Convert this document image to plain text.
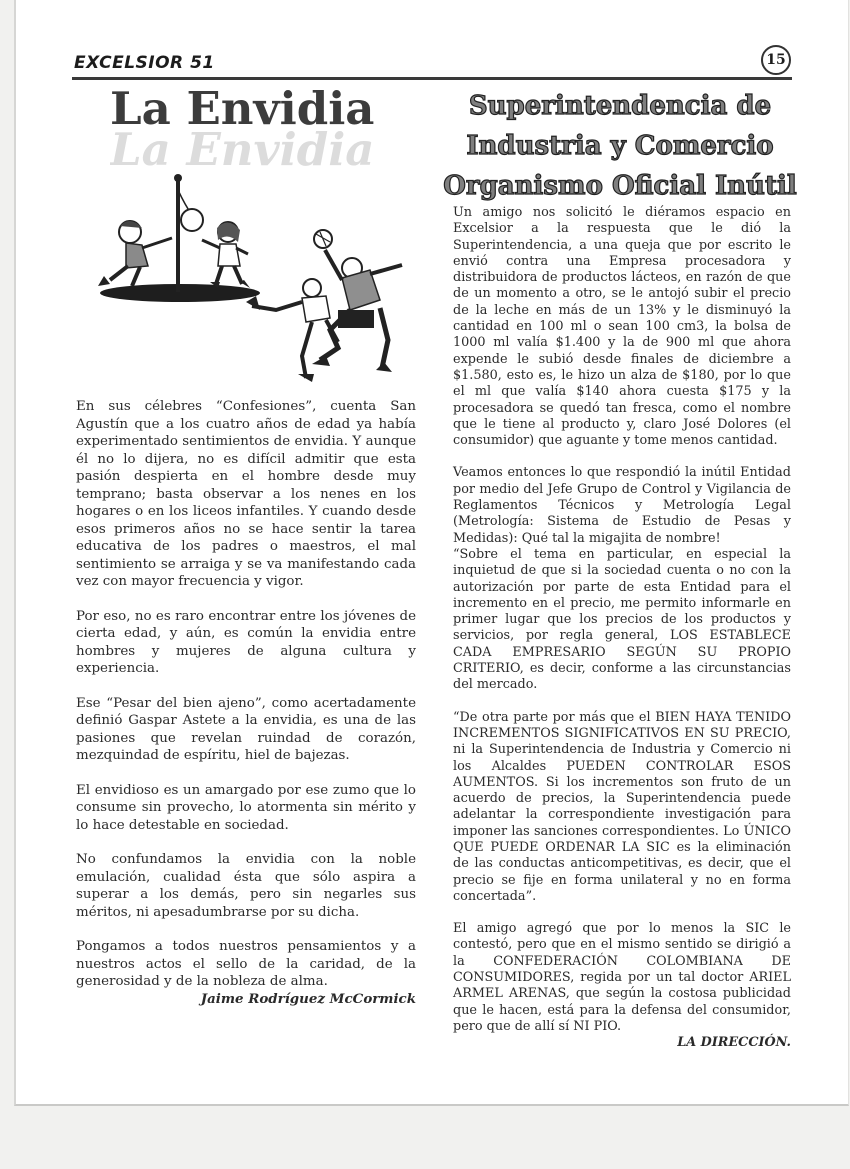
EXCELSIOR 51	15
La Envidia
La Envidia

En sus célebres “Confesiones”, cuenta San Agustín que a los cuatro años de edad ya había experimentado sentimientos de envidia. Y aunque él no lo dijera, no es difícil admitir que esta pasión despierta en el hombre desde muy temprano; basta observar a los nenes en los hogares o en los liceos infantiles. Y cuando desde esos primeros años no se hace sentir la tarea educativa de los padres o maestros, el mal sentimiento se arraiga y se va manifestando cada vez con mayor frecuencia y vigor.

Por eso, no es raro encontrar entre los jóvenes de cierta edad, y aún, es común la envidia entre hombres y mujeres de alguna cultura y experiencia.

Ese “Pesar del bien ajeno”, como acertadamente definió Gaspar Astete a la envidia, es una de las pasiones que revelan ruindad de corazón, mezquindad de espíritu, hiel de bajezas.

El envidioso es un amargado por ese zumo que lo consume sin provecho, lo atormenta sin mérito y lo hace detestable en sociedad.

No confundamos la envidia con la noble emulación, cualidad ésta que sólo aspira a superar a los demás, pero sin negarles sus méritos, ni apesadumbrarse por su dicha.

Pongamos a todos nuestros pensamientos y a nuestros actos el sello de la caridad, de la generosidad y de la nobleza de alma.

Jaime Rodríguez McCormick
Superintendencia de
Industria y Comercio
Organismo Oficial Inútil

Un amigo nos solicitó le diéramos espacio en Excelsior a la respuesta que le dió la Superintendencia, a una queja que por escrito le envió contra una Empresa procesadora y distribuidora de productos lácteos, en razón de que de un momento a otro, se le antojó subir el precio de la leche en más de un 13% y le disminuyó la cantidad en 100 ml o sean 100 cm3, la bolsa de 1000 ml valía $1.400 y la de 900 ml que ahora expende le subió desde finales de diciembre a $1.580, esto es, le hizo un alza de $180, por lo que el ml que valía $140 ahora cuesta $175 y la procesadora se quedó tan fresca, como el nombre que le tiene al producto y, claro José Dolores (el consumidor) que aguante y tome menos cantidad.

Veamos entonces lo que respondió la inútil Entidad por medio del Jefe Grupo de Control y Vigilancia de Reglamentos Técnicos y Metrología Legal (Metrología: Sistema de Estudio de Pesas y Medidas): Qué tal la migajita de nombre!

“Sobre el tema en particular, en especial la inquietud de que si la sociedad cuenta o no con la autorización por parte de esta Entidad para el incremento en el precio, me permito informarle en primer lugar que los precios de los productos y servicios, por regla general, LOS ESTABLECE CADA EMPRESARIO SEGÚN SU PROPIO CRITERIO, es decir, conforme a las circunstancias del mercado.

“De otra parte por más que el BIEN HAYA TENIDO INCREMENTOS SIGNIFICATIVOS EN SU PRECIO, ni la Superintendencia de Industria y Comercio ni los Alcaldes PUEDEN CONTROLAR ESOS AUMENTOS. Si los incrementos son fruto de un acuerdo de precios, la Superintendencia puede adelantar la correspondiente investigación para imponer las sanciones correspondientes. Lo ÚNICO QUE PUEDE ORDENAR LA SIC es la eliminación de las conductas anticompetitivas, es decir, que el precio se fije en forma unilateral y no en forma concertada”.

El amigo agregó que por lo menos la SIC le contestó, pero que en el mismo sentido se dirigió a la CONFEDERACIÓN COLOMBIANA DE CONSUMIDORES, regida por un tal doctor ARIEL ARMEL ARENAS, que según la costosa publicidad que le hacen, está para la defensa del consumidor, pero que de allí sí NI PIO.

LA DIRECCIÓN.
